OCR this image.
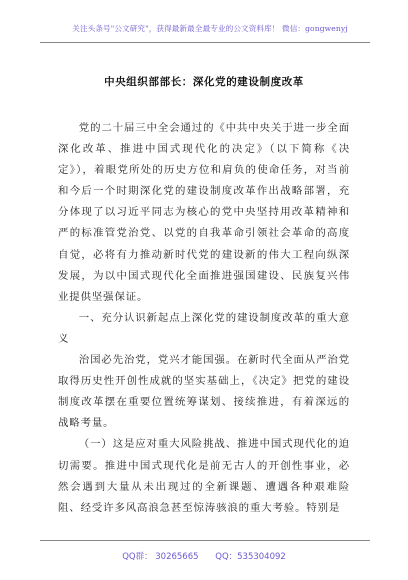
关注头条号"公文研究"，获得最新最全最专业的公文资料库！ 微信：gongwenyj
中央组织部部长：深化党的建设制度改革

党的二十届三中全会通过的《中共中央关于进一步全面深化改革、推进中国式现代化的决定》（以下简称《决定》），着眼党所处的历史方位和肩负的使命任务，对当前和今后一个时期深化党的建设制度改革作出战略部署，充分体现了以习近平同志为核心的党中央坚持用改革精神和严的标准管党治党、以党的自我革命引领社会革命的高度自觉，必将有力推动新时代党的建设新的伟大工程向纵深发展，为以中国式现代化全面推进强国建设、民族复兴伟业提供坚强保证。

一、充分认识新起点上深化党的建设制度改革的重大意义

治国必先治党，党兴才能国强。在新时代全面从严治党取得历史性开创性成就的坚实基础上，《决定》把党的建设制度改革摆在重要位置统筹谋划、接续推进，有着深远的战略考量。

（一）这是应对重大风险挑战、推进中国式现代化的迫切需要。推进中国式现代化是前无古人的开创性事业，必然会遇到大量从未出现过的全新课题、遭遇各种艰难险阻、经受许多风高浪急甚至惊涛骇浪的重大考验。特别是

QQ群： 30265665 QQ：535304092
